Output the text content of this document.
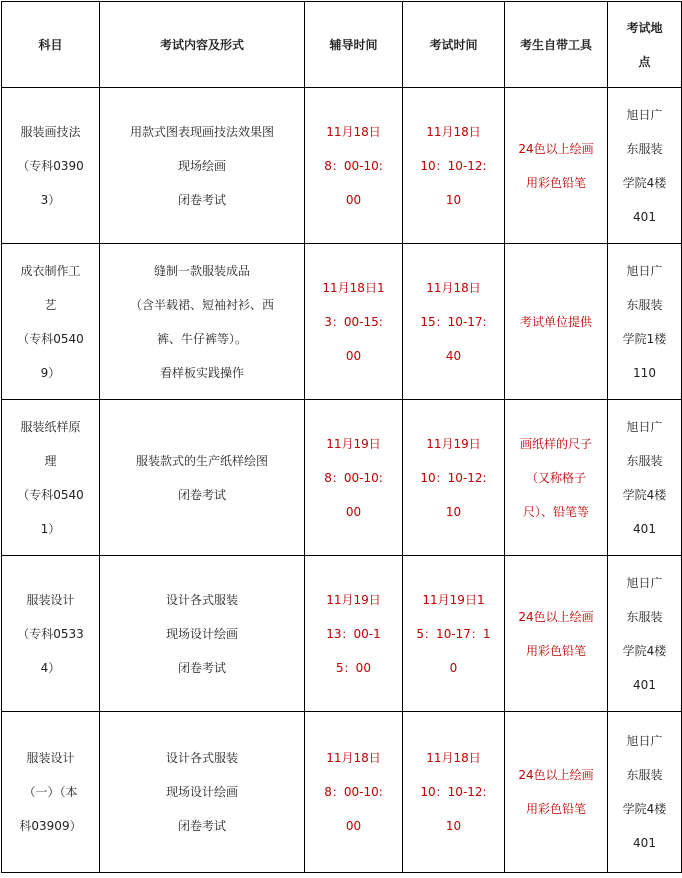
科目	考试内容及形式	辅导时间	考试时间	考生自带工具	考试地
点

服装画技法
（专科0390
3）	用款式图表现画技法效果图
现场绘画
闭卷考试	11月18日
8：00-10:
00	11月18日
10：10-12:
10	24色以上绘画
用彩色铅笔	旭日广
东服装
学院4楼
401

成衣制作工
艺
（专科0540
9）	缝制一款服装成品
（含半载裙、短袖衬衫、西
裤、牛仔裤等）。
看样板实践操作	11月18日1
3：00-15:
00	11月18日
15：10-17:
40	考试单位提供	旭日广
东服装
学院1楼
110

服装纸样原
理
（专科0540
1）	服装款式的生产纸样绘图
闭卷考试	11月19日
8：00-10:
00	11月19日
10：10-12:
10	画纸样的尺子
（又称格子
尺）、铅笔等	旭日广
东服装
学院4楼
401

服装设计
（专科0533
4）	设计各式服装
现场设计绘画
闭卷考试	11月19日
13：00-1
5：00	11月19日1
5：10-17：1
0	24色以上绘画
用彩色铅笔	旭日广
东服装
学院4楼
401

服装设计
（一）（本
科03909）	设计各式服装
现场设计绘画
闭卷考试	11月18日
8：00-10:
00	11月18日
10：10-12:
10	24色以上绘画
用彩色铅笔	旭日广
东服装
学院4楼
401
